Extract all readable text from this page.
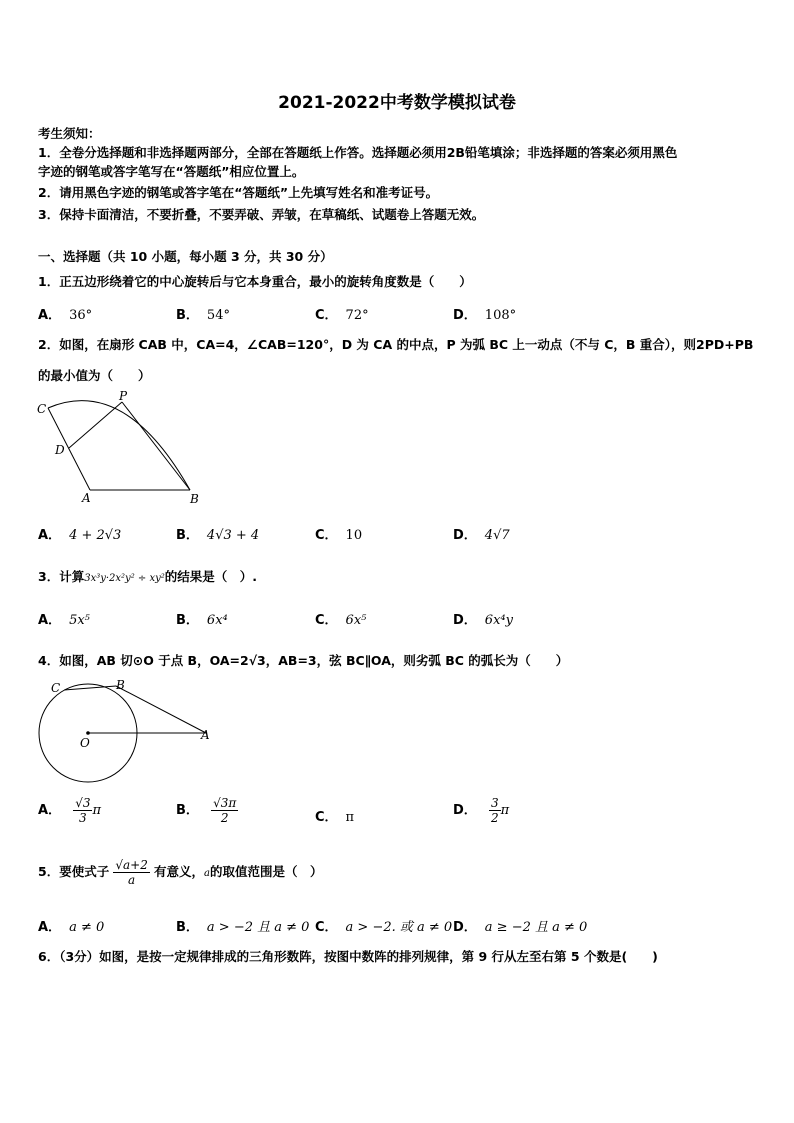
2021-2022中考数学模拟试卷
考生须知：
1．全卷分选择题和非选择题两部分，全部在答题纸上作答。选择题必须用2B铅笔填涂；非选择题的答案必须用黑色
字迹的钢笔或答字笔写在“答题纸”相应位置上。
2．请用黑色字迹的钢笔或答字笔在“答题纸”上先填写姓名和准考证号。
3．保持卡面清洁，不要折叠，不要弄破、弄皱，在草稿纸、试题卷上答题无效。
一、选择题（共 10 小题，每小题 3 分，共 30 分）
1．正五边形绕着它的中心旋转后与它本身重合，最小的旋转角度数是（　　）
A． 36°	B． 54°	C． 72°	D． 108°
2．如图，在扇形 CAB 中，CA=4，∠CAB=120°，D 为 CA 的中点，P 为弧 BC 上一动点（不与 C，B 重合），则2PD+PB
的最小值为（　　）
C
P
D
A	B
A． 4 + 2√3	B． 4√3 + 4	C． 10	D． 4√7
3．计算3x³y·2x²y² ÷ xy²的结果是（　）.
A． 5x⁵	B． 6x⁴	C． 6x⁵	D． 6x⁴y
4．如图，AB 切⊙O 于点 B，OA=2√3，AB=3，弦 BC∥OA，则劣弧 BC 的弧长为（　　）
C	B
O
A
A． $\frac{√3}{3}$ π	B． $\frac{√3\pi}{2}$	C． π	D． $\frac{3}{2}$ π
5．要使式子 $\frac{√a+2}{a}$ 有意义，a的取值范围是（　）
A． a ≠ 0	B． a > −2 且 a ≠ 0 C． a > −2. 或 a ≠ 0 D． a ≥ −2 且 a ≠ 0
6．（3分）如图，是按一定规律排成的三角形数阵，按图中数阵的排列规律，第 9 行从左至右第 5 个数是(　　)
